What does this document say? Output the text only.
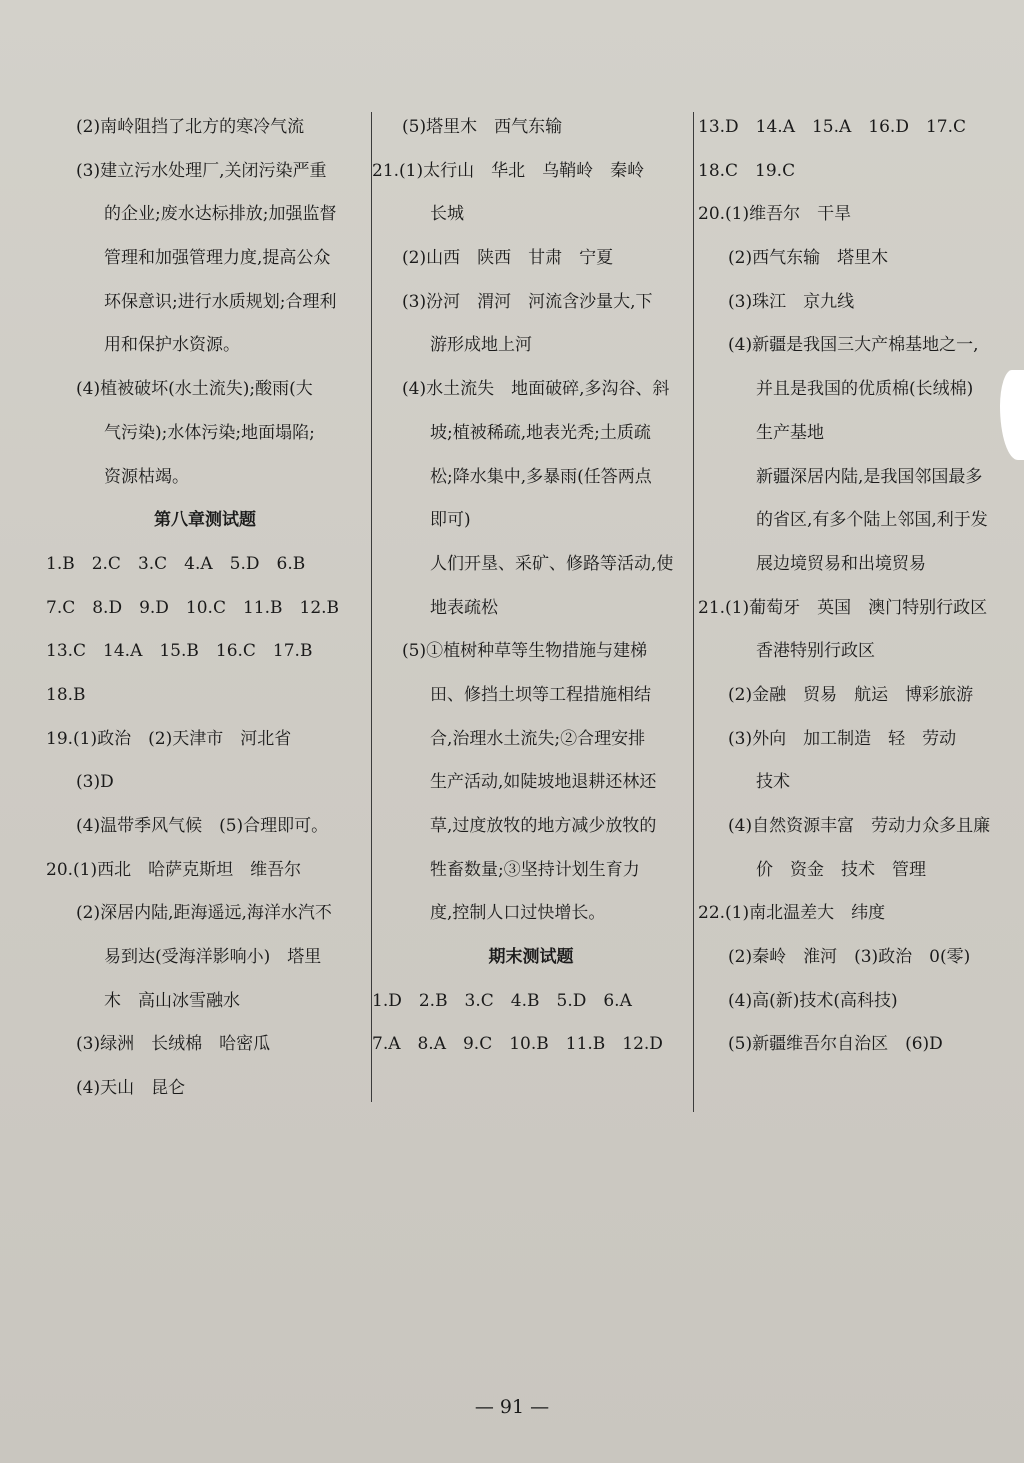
(2)南岭阻挡了北方的寒冷气流
(3)建立污水处理厂,关闭污染严重
的企业;废水达标排放;加强监督
管理和加强管理力度,提高公众
环保意识;进行水质规划;合理利
用和保护水资源。
(4)植被破坏(水土流失);酸雨(大
气污染);水体污染;地面塌陷;
资源枯竭。
第八章测试题
1.B　2.C　3.C　4.A　5.D　6.B
7.C　8.D　9.D　10.C　11.B　12.B
13.C　14.A　15.B　16.C　17.B
18.B
19.(1)政治　(2)天津市　河北省
(3)D
(4)温带季风气候　(5)合理即可。
20.(1)西北　哈萨克斯坦　维吾尔
(2)深居内陆,距海遥远,海洋水汽不
易到达(受海洋影响小)　塔里
木　高山冰雪融水
(3)绿洲　长绒棉　哈密瓜
(4)天山　昆仑
(5)塔里木　西气东输
21.(1)太行山　华北　乌鞘岭　秦岭
长城
(2)山西　陕西　甘肃　宁夏
(3)汾河　渭河　河流含沙量大,下
游形成地上河
(4)水土流失　地面破碎,多沟谷、斜
坡;植被稀疏,地表光秃;土质疏
松;降水集中,多暴雨(任答两点
即可)
人们开垦、采矿、修路等活动,使
地表疏松
(5)①植树种草等生物措施与建梯
田、修挡土坝等工程措施相结
合,治理水土流失;②合理安排
生产活动,如陡坡地退耕还林还
草,过度放牧的地方减少放牧的
牲畜数量;③坚持计划生育力
度,控制人口过快增长。
期末测试题
1.D　2.B　3.C　4.B　5.D　6.A
7.A　8.A　9.C　10.B　11.B　12.D
13.D　14.A　15.A　16.D　17.C
18.C　19.C
20.(1)维吾尔　干旱
(2)西气东输　塔里木
(3)珠江　京九线
(4)新疆是我国三大产棉基地之一,
并且是我国的优质棉(长绒棉)
生产基地
新疆深居内陆,是我国邻国最多
的省区,有多个陆上邻国,利于发
展边境贸易和出境贸易
21.(1)葡萄牙　英国　澳门特别行政区
香港特别行政区
(2)金融　贸易　航运　博彩旅游
(3)外向　加工制造　轻　劳动
技术
(4)自然资源丰富　劳动力众多且廉
价　资金　技术　管理
22.(1)南北温差大　纬度
(2)秦岭　淮河　(3)政治　0(零)
(4)高(新)技术(高科技)
(5)新疆维吾尔自治区　(6)D
— 91 —
